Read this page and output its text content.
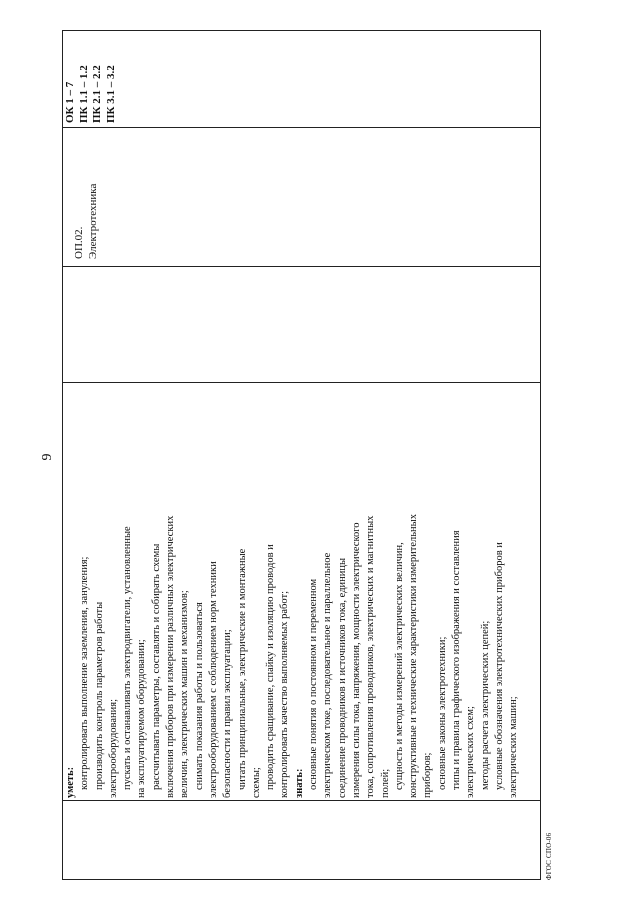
9
уметь: контролировать выполнение заземления, зануления; производить контроль параметров работы электрооборудования; пускать и останавливать электродвигатели, установленные на эксплуатируемом оборудовании; рассчитывать параметры, составлять и собирать схемы включения приборов при измерении различных электрических величин, электрических машин и механизмов; снимать показания работы и пользоваться электрооборудованием с соблюдением норм техники безопасности и правил эксплуатации; читать принципиальные, электрические и монтажные схемы; проводить сращивание, спайку и изоляцию проводов и контролировать качество выполняемых работ; знать: основные понятия о постоянном и переменном электрическом токе, последовательное и параллельное соединение проводников и источников тока, единицы измерения силы тока, напряжения, мощности электрического тока, сопротивления проводников, электрических и магнитных полей; сущность и методы измерений электрических величин, конструктивные и технические характеристики измерительных приборов; основные законы электротехники; типы и правила графического изображения и составления электрических схем; методы расчета электрических цепей; условные обозначения электротехнических приборов и электрических машин;
ОП.02. Электротехника
ОК 1 – 7 ПК 1.1 – 1.2 ПК 2.1 – 2.2 ПК 3.1 – 3.2
ФГОС СПО-06
